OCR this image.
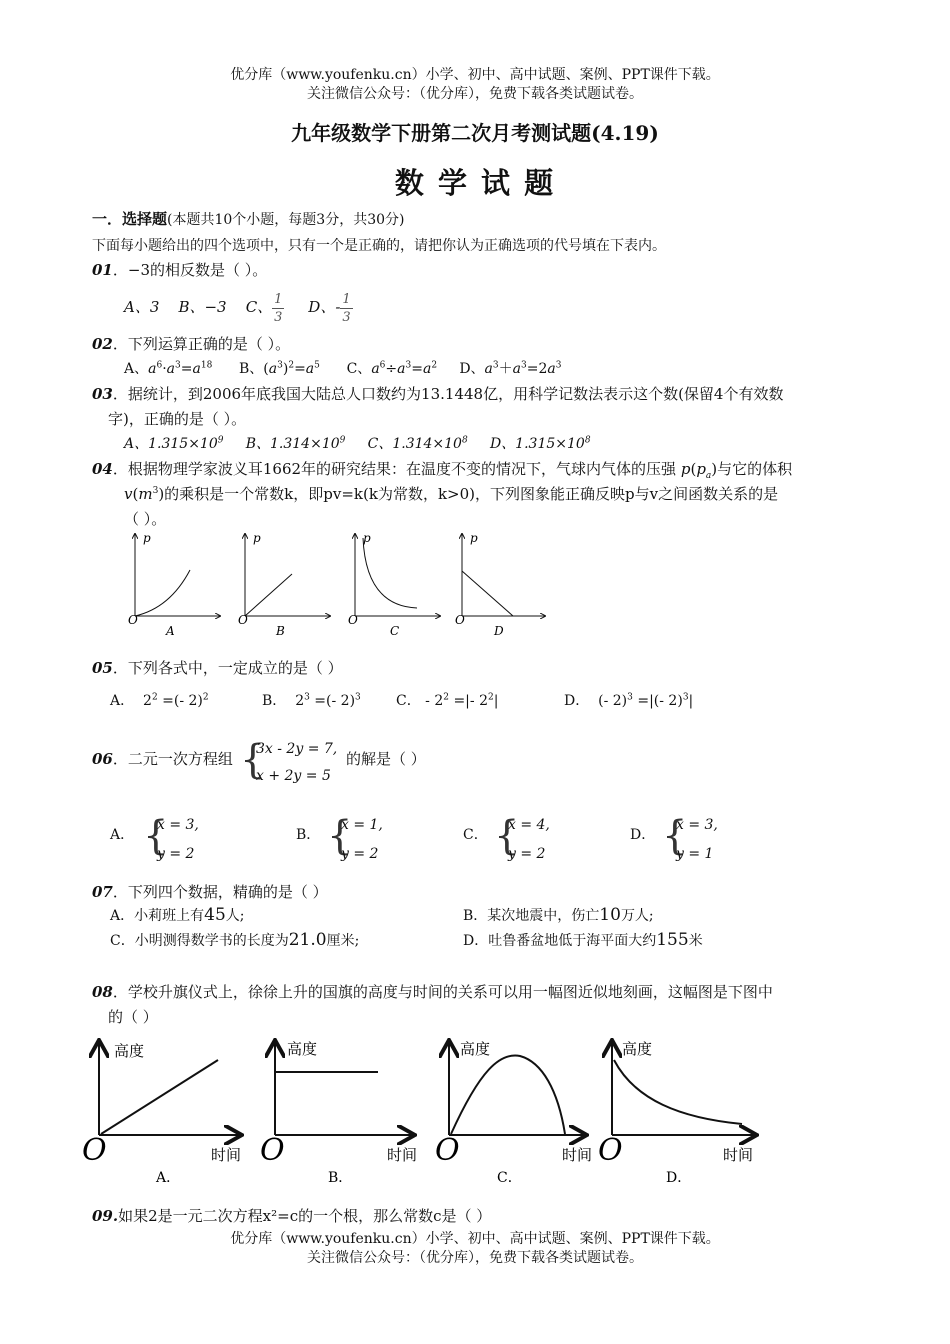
优分库（www.youfenku.cn）小学、初中、高中试题、案例、PPT课件下载。
关注微信公众号：（优分库），免费下载各类试题试卷。
九年级数学下册第二次月考测试题(4.19)
数 学 试 题
一．选择题(本题共10个小题，每题3分，共30分)
下面每小题给出的四个选项中，只有一个是正确的，请把你认为正确选项的代号填在下表内。
01．−3的相反数是（ ）。
A、3 B、−3 C、 $\frac{1}{3}$ D、- $\frac{1}{3}$
02．下列运算正确的是（ ）。
A、$a^6\cdot a^3=a^{18}$      B、$(a^3)^2=a^5$      C、$a^6\div a^3=a^2$     D、$a^3+a^3=2a^3$
03．据统计，到2006年底我国大陆总人口数约为13.1448亿，用科学记数法表示这个数(保留4个有效数
字)，正确的是（ ）。
A、$1.315\times 10^9$     B、$1.314\times 10^9$     C、$1.314\times 10^8$     D、$1.315\times 10^8$
04．根据物理学家波义耳1662年的研究结果：在温度不变的情况下，气球内气体的压强 $p(p_a)$与它的体积
$v(m^3)$的乘积是一个常数k，即pv=k(k为常数，k>0)，下列图象能正确反映p与v之间函数关系的是
（ ）。
p
O
A
p
O
B
p
O
C
p
O
D
05．下列各式中，一定成立的是（ ）
A．  $2^2$ =(- 2)$^2$	B．  $2^3$ =(- 2)$^3$	C． - $2^2$ =|- $2^2|$	D．  (- 2)$^3$ =|(- 2)$^3$|
06．二元一次方程组 {
3x - 2y = 7,
x + 2y = 5
的解是（ ）
A． {
x = 3,
y = 2
B． {
x = 1,
y = 2
C． {
x = 4,
y = 2
D． {
x = 3,
y = 1
07．下列四个数据，精确的是（ ）
A．小莉班上有45人;	B．某次地震中，伤亡10万人;
C．小明测得数学书的长度为21.0厘米;	D．吐鲁番盆地低于海平面大约155米
08．学校升旗仪式上，徐徐上升的国旗的高度与时间的关系可以用一幅图近似地刻画，这幅图是下图中
的（ ）
高度
O	时间
A．
高度
O	时间
B．
高度
O	时间
C．
高度
O	时间
D．
09.如果2是一元二次方程x²=c的一个根，那么常数c是（ ）
优分库（www.youfenku.cn）小学、初中、高中试题、案例、PPT课件下载。
关注微信公众号：（优分库），免费下载各类试题试卷。
